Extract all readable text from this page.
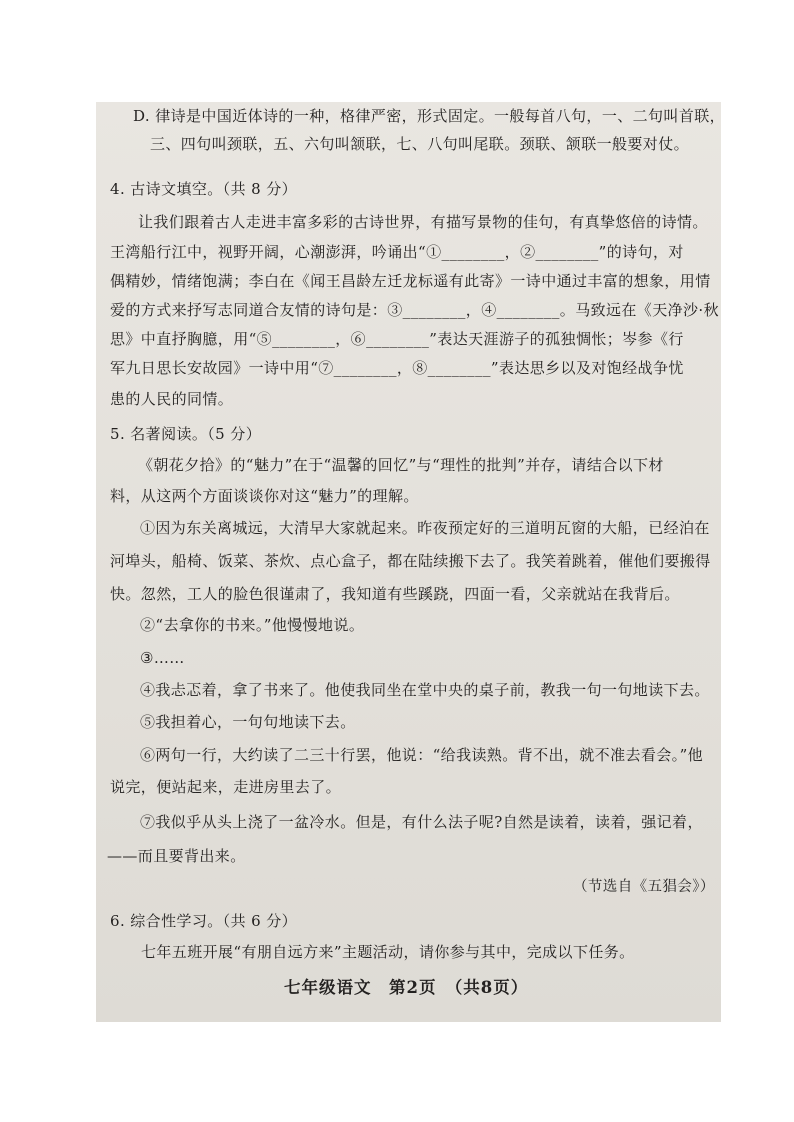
D. 律诗是中国近体诗的一种，格律严密，形式固定。一般每首八句，一、二句叫首联，
三、四句叫颈联，五、六句叫颔联，七、八句叫尾联。颈联、颔联一般要对仗。
4. 古诗文填空。（共 8 分）
让我们跟着古人走进丰富多彩的古诗世界，有描写景物的佳句，有真挚悠倍的诗情。
王湾船行江中，视野开阔，心潮澎湃，吟诵出“①________，②________”的诗句，对
偶精妙，情绪饱满；李白在《闻王昌龄左迁龙标遥有此寄》一诗中通过丰富的想象，用情
爱的方式来抒写志同道合友情的诗句是：③________，④________。马致远在《天净沙·秋
思》中直抒胸臆，用“⑤________，⑥________”表达天涯游子的孤独惆怅；岑参《行
军九日思长安故园》一诗中用“⑦________，⑧________”表达思乡以及对饱经战争忧
患的人民的同情。
5. 名著阅读。（5 分）
《朝花夕拾》的“魅力”在于“温馨的回忆”与“理性的批判”并存，请结合以下材
料，从这两个方面谈谈你对这“魅力”的理解。
①因为东关离城远，大清早大家就起来。昨夜预定好的三道明瓦窗的大船，已经泊在
河埠头，船椅、饭菜、茶炊、点心盒子，都在陆续搬下去了。我笑着跳着，催他们要搬得
快。忽然，工人的脸色很谨肃了，我知道有些蹊跷，四面一看，父亲就站在我背后。
②“去拿你的书来。”他慢慢地说。
③……
④我忐忑着，拿了书来了。他使我同坐在堂中央的桌子前，教我一句一句地读下去。
⑤我担着心，一句句地读下去。
⑥两句一行，大约读了二三十行罢，他说：“给我读熟。背不出，就不准去看会。”他
说完，便站起来，走进房里去了。
⑦我似乎从头上浇了一盆冷水。但是，有什么法子呢?自然是读着，读着，强记着，
——而且要背出来。
（节选自《五猖会》）
6. 综合性学习。（共 6 分）
七年五班开展“有朋自远方来”主题活动，请你参与其中，完成以下任务。
七年级语文　第2页　（共8页）
